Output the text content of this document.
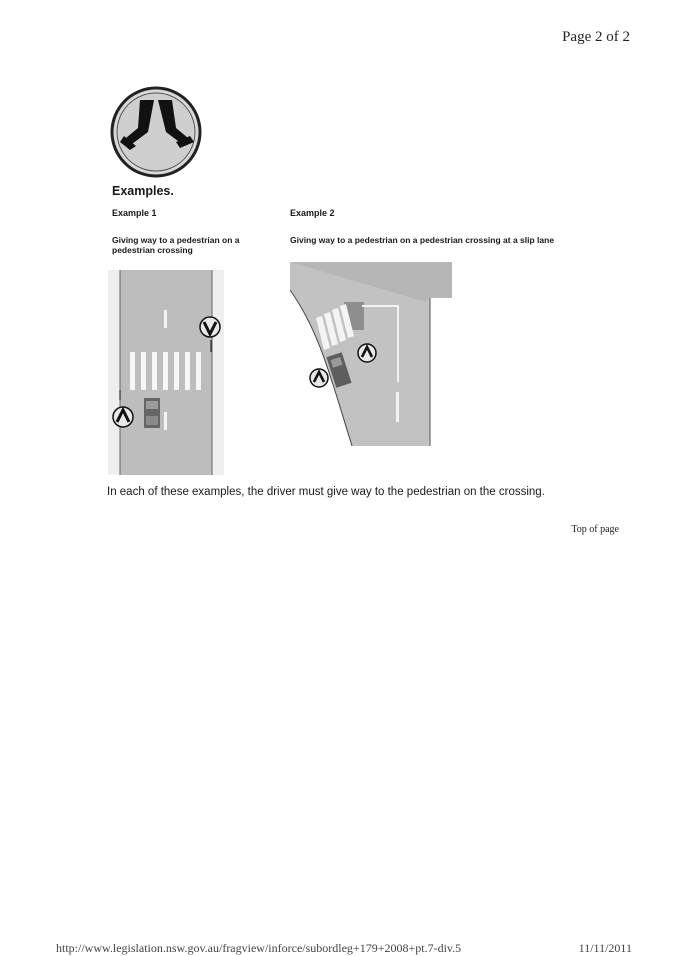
Page 2 of 2
Examples.
Example 1
Giving way to a pedestrian on a pedestrian crossing
Example 2
Giving way to a pedestrian on a pedestrian crossing at a slip lane
In each of these examples, the driver must give way to the pedestrian on the crossing.
Top of page
http://www.legislation.nsw.gov.au/fragview/inforce/subordleg+179+2008+pt.7-div.5	11/11/2011
